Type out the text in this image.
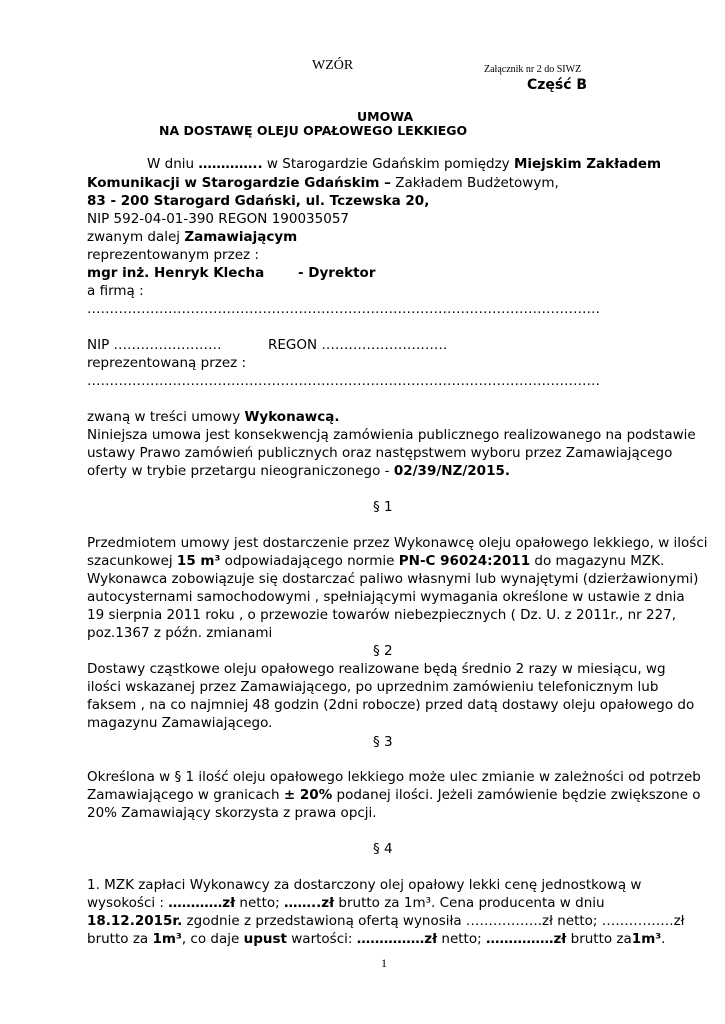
WZÓR	Załącznik nr 2 do SIWZ
Część B
UMOWA
NA DOSTAWĘ OLEJU OPAŁOWEGO LEKKIEGO
W dniu ………….. w Starogardzie Gdańskim pomiędzy Miejskim Zakładem
Komunikacji w Starogardzie Gdańskim – Zakładem Budżetowym,
83 - 200 Starogard Gdański, ul. Tczewska 20,
NIP 592-04-01-390 REGON 190035057
zwanym dalej Zamawiającym
reprezentowanym przez :
mgr inż. Henryk Klecha	- Dyrektor
a firmą :
……………………………………………………………………………………………………
NIP ……………………	REGON ……………………….
reprezentowaną przez :
……………………………………………………………………………………………………
zwaną w treści umowy Wykonawcą.
Niniejsza umowa jest konsekwencją zamówienia publicznego realizowanego na podstawie
ustawy Prawo zamówień publicznych oraz następstwem wyboru przez Zamawiającego
oferty w trybie przetargu nieograniczonego - 02/39/NZ/2015.
§ 1
Przedmiotem umowy jest dostarczenie przez Wykonawcę oleju opałowego lekkiego, w ilości
szacunkowej 15 m³ odpowiadającego normie PN-C 96024:2011 do magazynu MZK.
Wykonawca zobowiązuje się dostarczać paliwo własnymi lub wynajętymi (dzierżawionymi)
autocysternami samochodowymi , spełniającymi wymagania określone w ustawie z dnia
19 sierpnia 2011 roku , o przewozie towarów niebezpiecznych ( Dz. U. z 2011r., nr 227,
poz.1367 z późn. zmianami
§ 2
Dostawy cząstkowe oleju opałowego realizowane będą średnio 2 razy w miesiącu, wg
ilości wskazanej przez Zamawiającego, po uprzednim zamówieniu telefonicznym lub
faksem , na co najmniej 48 godzin (2dni robocze) przed datą dostawy oleju opałowego do
magazynu Zamawiającego.
§ 3
Określona w § 1 ilość oleju opałowego lekkiego może ulec zmianie w zależności od potrzeb
Zamawiającego w granicach ± 20% podanej ilości. Jeżeli zamówienie będzie zwiększone o
20% Zamawiający skorzysta z prawa opcji.
§ 4
1. MZK zapłaci Wykonawcy za dostarczony olej opałowy lekki cenę jednostkową w
wysokości : …………zł netto; ……..zł brutto za 1m³. Cena producenta w dniu
18.12.2015r. zgodnie z przedstawioną ofertą wynosiła ……………..zł netto; …………….zł
brutto za 1m³, co daje upust wartości: ……………zł netto; ……………zł brutto za1m³.
1
